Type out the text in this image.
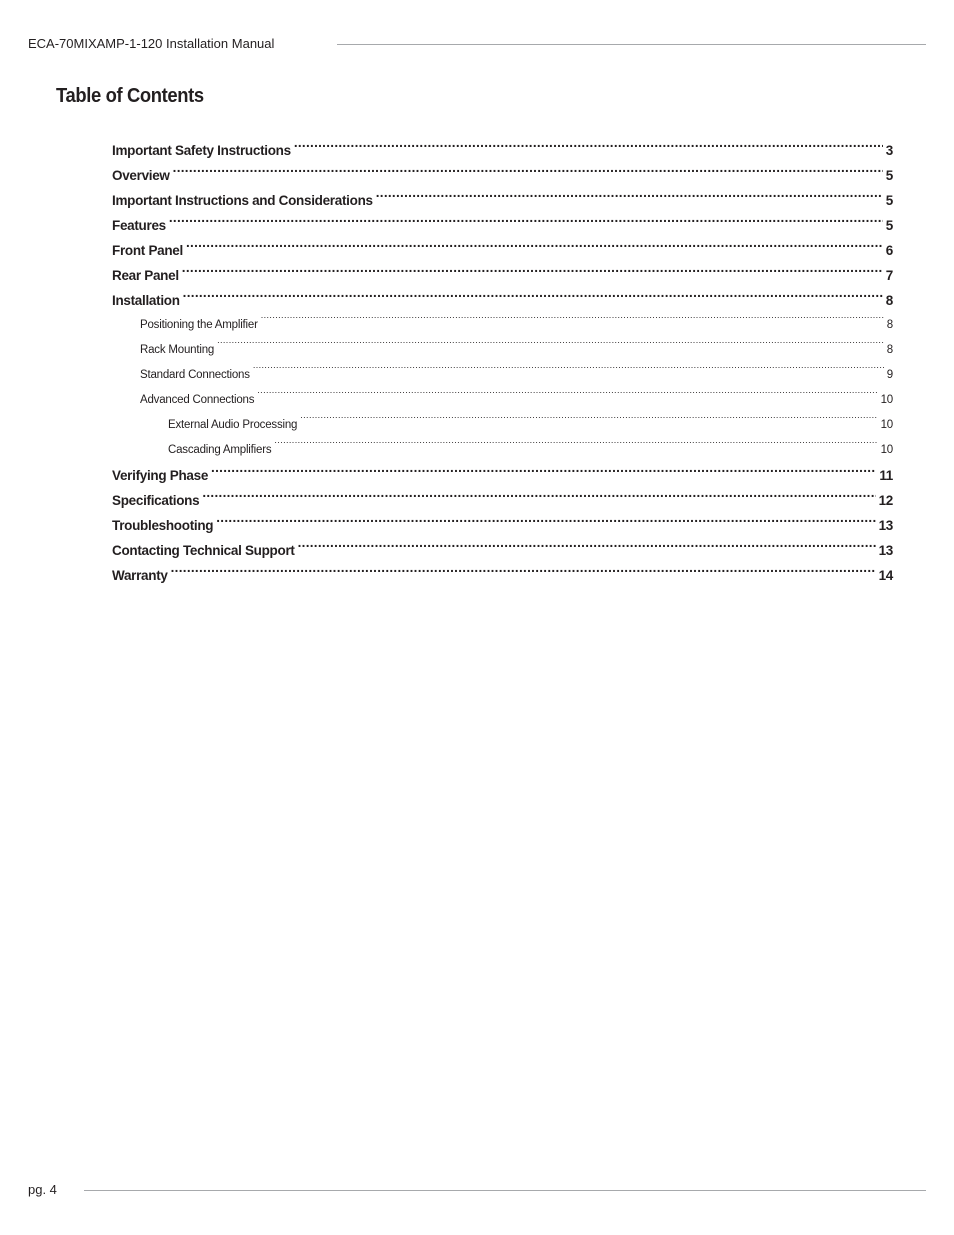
ECA-70MIXAMP-1-120 Installation Manual
Table of Contents
Important Safety Instructions .....	3
Overview .....	5
Important Instructions and Considerations .....	5
Features .....	5
Front Panel .....	6
Rear Panel .....	7
Installation .....	8
Positioning the Amplifier .....	8
Rack Mounting .....	8
Standard Connections .....	9
Advanced Connections .....	10
External Audio Processing .....	10
Cascading Amplifiers .....	10
Verifying Phase .....	11
Specifications .....	12
Troubleshooting .....	13
Contacting Technical Support .....	13
Warranty .....	14
pg. 4
